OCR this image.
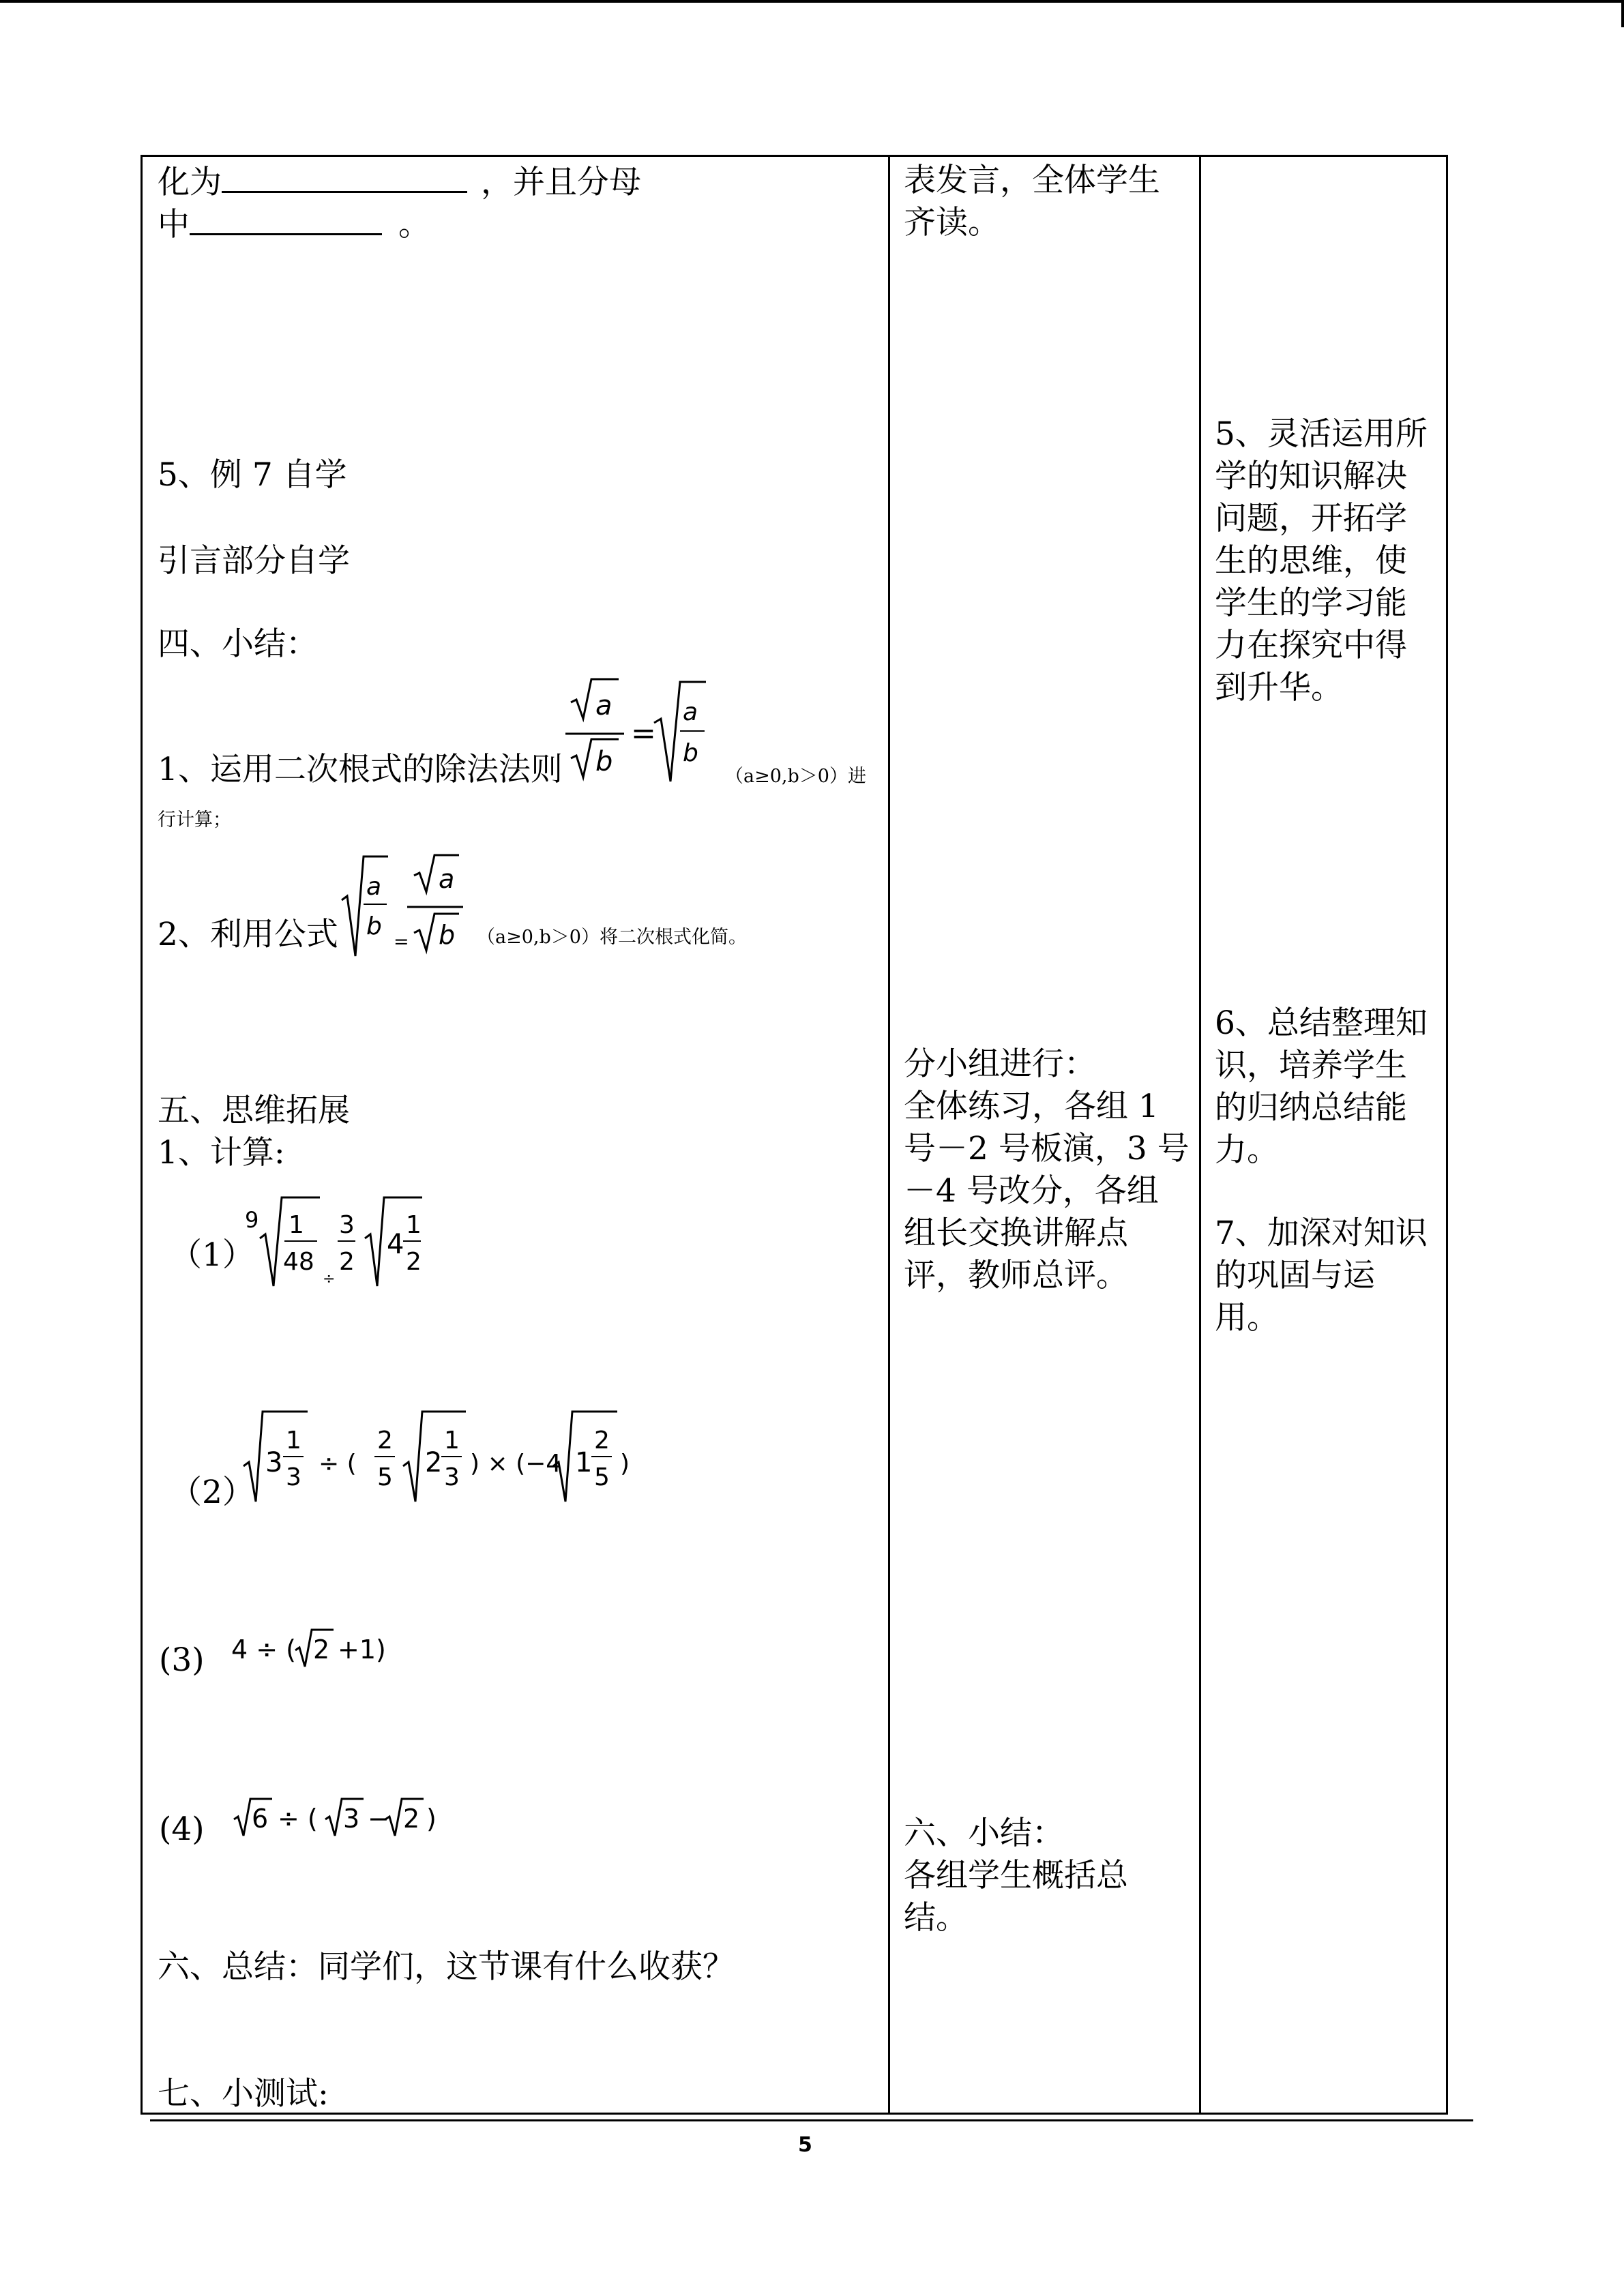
化为	，并且分母
中	。
5、例 7 自学
引言部分自学
四、小结：
a
b
=
a
b
1、运用二次根式的除法法则	（a≥0,b＞0）进
行计算；
a
b
a
b
2、利用公式	=	（a≥0,b＞0）将二次根式化简。
五、思维拓展
1、计算:
（1）
9 1
48
÷
3
2
4
1
2
（2）
3
1
3 ÷ (
2
5 2
1
3 ) × (−4 1
2
5 )
(3) 4 ÷ ( 2 +1)
(4) 6 ÷ ( 3 − 2 )
六、总结：同学们，这节课有什么收获？
七、小测试:

表发言，全体学生
齐读。
分小组进行：
全体练习，各组 1
号－2 号板演，3 号
－4 号改分，各组
组长交换讲解点
评，教师总评。
六、小结：
各组学生概括总
结。

5、灵活运用所
学的知识解决
问题，开拓学
生的思维，使
学生的学习能
力在探究中得
到升华。
6、总结整理知
识，培养学生
的归纳总结能
力。
7、加深对知识
的巩固与运
用。
5
